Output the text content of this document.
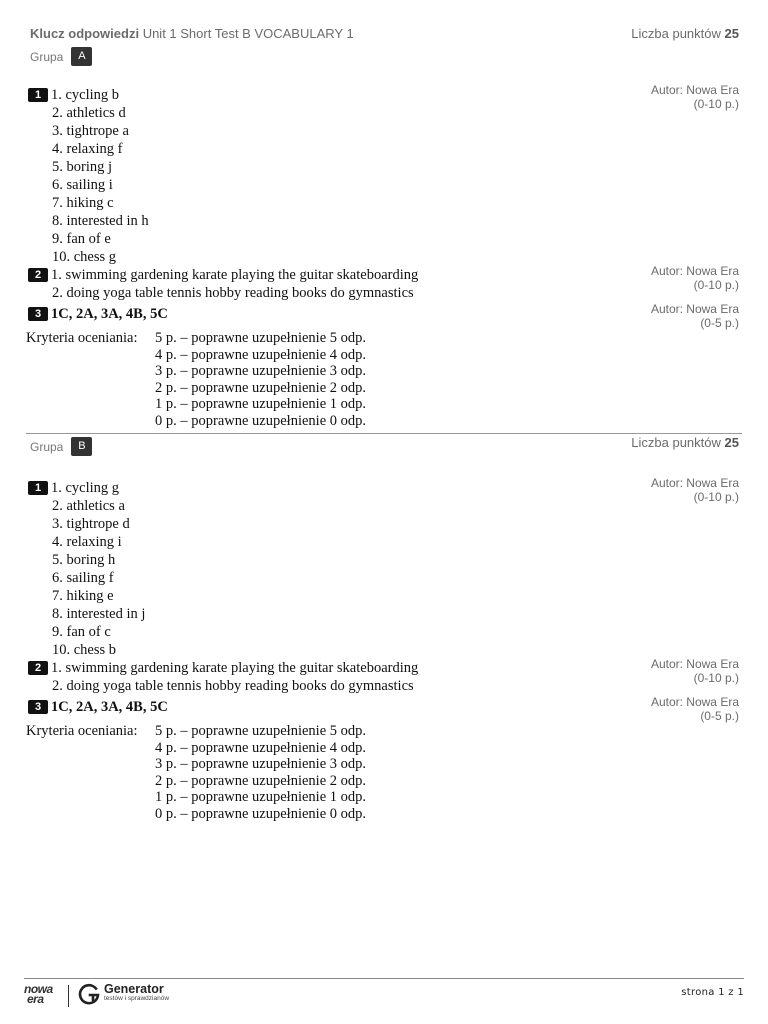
Klucz odpowiedzi Unit 1 Short Test B VOCABULARY 1	Liczba punktów 25
Grupa	A
1 1. cycling b
2. athletics d
3. tightrope a
4. relaxing f
5. boring j
6. sailing i
7. hiking c
8. interested in h
9. fan of e
10. chess g
Autor: Nowa Era
(0-10 p.)
2 1. swimming gardening karate playing the guitar skateboarding
2. doing yoga table tennis hobby reading books do gymnastics
Autor: Nowa Era
(0-10 p.)
3 1C, 2A, 3A, 4B, 5C	Autor: Nowa Era
(0-5 p.)
Kryteria oceniania: 5 p. – poprawne uzupełnienie 5 odp.
4 p. – poprawne uzupełnienie 4 odp.
3 p. – poprawne uzupełnienie 3 odp.
2 p. – poprawne uzupełnienie 2 odp.
1 p. – poprawne uzupełnienie 1 odp.
0 p. – poprawne uzupełnienie 0 odp.
Grupa	B	Liczba punktów 25
1 1. cycling g
2. athletics a
3. tightrope d
4. relaxing i
5. boring h
6. sailing f
7. hiking e
8. interested in j
9. fan of c
10. chess b
Autor: Nowa Era
(0-10 p.)
2 1. swimming gardening karate playing the guitar skateboarding
2. doing yoga table tennis hobby reading books do gymnastics
Autor: Nowa Era
(0-10 p.)
3 1C, 2A, 3A, 4B, 5C	Autor: Nowa Era
(0-5 p.)
Kryteria oceniania: 5 p. – poprawne uzupełnienie 5 odp.
4 p. – poprawne uzupełnienie 4 odp.
3 p. – poprawne uzupełnienie 3 odp.
2 p. – poprawne uzupełnienie 2 odp.
1 p. – poprawne uzupełnienie 1 odp.
0 p. – poprawne uzupełnienie 0 odp.
nowa
era
Generator
testów i sprawdzianów
strona 1 z 1
